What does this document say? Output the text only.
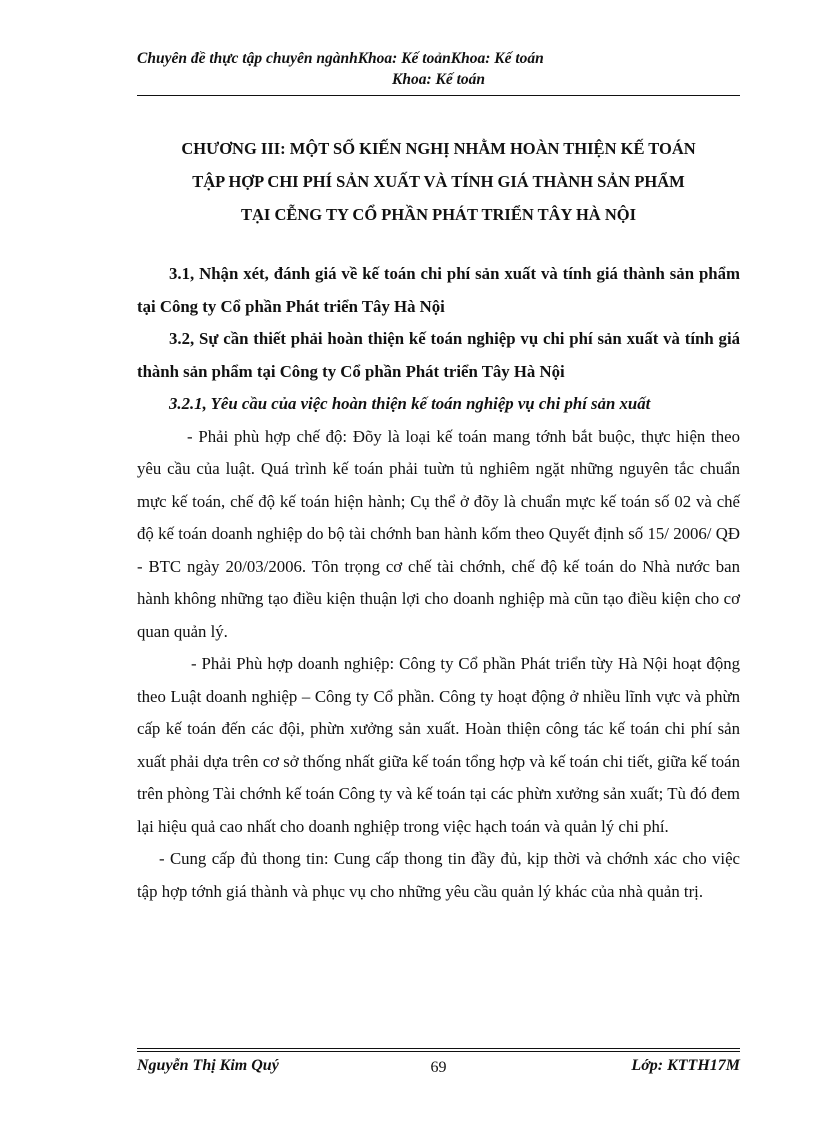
Chuyên đề thực tập chuyên ngànhKhoa: Kế toảnKhoa: Kế toán
Khoa: Kế toán
CHƯƠNG III: MỘT SỐ KIẾN NGHỊ NHẰM HOÀN THIỆN KẾ TOÁN
TẬP HỢP CHI PHÍ SẢN XUẤT VÀ TÍNH GIÁ THÀNH SẢN PHẨM
TẠI CỄNG TY CỔ PHẦN PHÁT TRIỂN TÂY HÀ NỘI

3.1, Nhận xét, đánh giá về kế toán chi phí sản xuất và tính giá thành sản phẩm tại Công ty Cổ phần Phát triển Tây Hà Nội

3.2, Sự cần thiết phải hoàn thiện kế toán nghiệp vụ chi phí sản xuất và tính giá thành sản phẩm tại Công ty Cổ phần Phát triển Tây Hà Nội

3.2.1, Yêu cầu của việc hoàn thiện kế toán nghiệp vụ chi phí sản xuất

- Phải phù hợp chế độ: Đõy là loại kế toán mang tớnh bắt buộc, thực hiện theo yêu cầu của luật. Quá trình kế toán phải tuừn tủ nghiêm ngặt những nguyên tắc chuẩn mực kế toán, chế độ kế toán hiện hành; Cụ thể ở đõy là chuẩn mực kế toán số 02 và chế độ kế toán doanh nghiệp do bộ tài chớnh ban hành kốm theo Quyết định số 15/ 2006/ QĐ - BTC ngày 20/03/2006. Tôn trọng cơ chế tài chớnh, chế độ kế toán do Nhà nước ban hành không những tạo điều kiện thuận lợi cho doanh nghiệp mà cũn tạo điều kiện cho cơ quan quản lý.

- Phải Phù hợp doanh nghiệp: Công ty Cổ phần Phát triển từy Hà Nội hoạt động theo Luật doanh nghiệp – Công ty Cổ phần. Công ty hoạt động ở nhiều lĩnh vực và phừn cấp kế toán đến các đội, phừn xưởng sản xuất. Hoàn thiện công tác kế toán chi phí sản xuất phải dựa trên cơ sở thống nhất giữa kế toán tổng hợp và kế toán chi tiết, giữa kế toán trên phòng Tài chớnh kế toán Công ty và kế toán tại các phừn xưởng sản xuất; Tù đó đem lại hiệu quả cao nhất cho doanh nghiệp trong việc hạch toán và quản lý chi phí.

- Cung cấp đủ thong tin: Cung cấp thong tin đầy đủ, kịp thời và chớnh xác cho việc tập hợp tớnh giá thành và phục vụ cho những yêu cầu quản lý khác của nhà quản trị.

Nguyễn Thị Kim Quý	69	Lớp: KTTH17M
